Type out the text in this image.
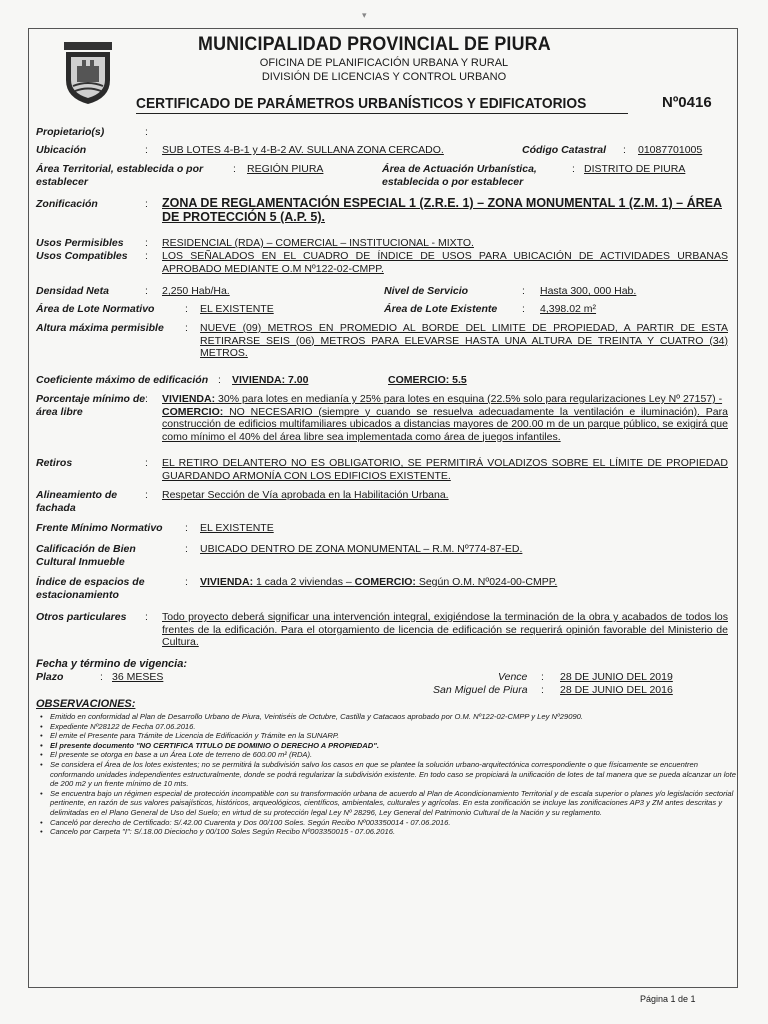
▾
MUNICIPALIDAD PROVINCIAL DE PIURA
OFICINA DE PLANIFICACIÓN URBANA Y RURAL
DIVISIÓN DE LICENCIAS Y CONTROL URBANO
CERTIFICADO DE PARÁMETROS URBANÍSTICOS Y EDIFICATORIOS	Nº0416
Propietario(s)	:
Ubicación	: SUB LOTES 4-B-1 y 4-B-2 AV. SULLANA ZONA CERCADO.	Código Catastral : 01087701005
Área Territorial, establecida o por establecer
: REGIÓN PIURA	Área de Actuación Urbanística, establecida o por establecer
: DISTRITO DE PIURA
Zonificación	: ZONA DE REGLAMENTACIÓN ESPECIAL 1 (Z.R.E. 1) – ZONA MONUMENTAL 1 (Z.M. 1) – ÁREA DE PROTECCIÓN 5 (A.P. 5).
Usos Permisibles : RESIDENCIAL (RDA) – COMERCIAL – INSTITUCIONAL - MIXTO.
Usos Compatibles : LOS SEÑALADOS EN EL CUADRO DE ÍNDICE DE USOS PARA UBICACIÓN DE ACTIVIDADES URBANAS APROBADO MEDIANTE O.M Nº122-02-CMPP.
Densidad Neta	: 2,250 Hab/Ha.	Nivel de Servicio	: Hasta 300, 000 Hab.
Área de Lote Normativo	: EL EXISTENTE	Área de Lote Existente : 4,398.02 m²
Altura máxima permisible : NUEVE (09) METROS EN PROMEDIO AL BORDE DEL LIMITE DE PROPIEDAD, A PARTIR DE ESTA RETIRARSE SEIS (06) METROS PARA ELEVARSE HASTA UNA ALTURA DE TREINTA Y CUATRO (34) METROS.
Coeficiente máximo de edificación : VIVIENDA: 7.00	COMERCIO: 5.5
Porcentaje mínimo de área libre
: VIVIENDA: 30% para lotes en medianía y 25% para lotes en esquina (22.5% solo para regularizaciones Ley Nº 27157) -
COMERCIO: NO NECESARIO (siempre y cuando se resuelva adecuadamente la ventilación e iluminación). Para construcción de edificios multifamiliares ubicados a distancias mayores de 200.00 m de un parque público, se exigirá que como mínimo el 40% del área libre sea implementada como área de juegos infantiles.
Retiros	: EL RETIRO DELANTERO NO ES OBLIGATORIO, SE PERMITIRÁ VOLADIZOS SOBRE EL LÍMITE DE PROPIEDAD GUARDANDO ARMONÍA CON LOS EDIFICIOS EXISTENTE.
Alineamiento de fachada
: Respetar Sección de Vía aprobada en la Habilitación Urbana.
Frente Mínimo Normativo : EL EXISTENTE
Calificación de Bien Cultural Inmueble
: UBICADO DENTRO DE ZONA MONUMENTAL – R.M. Nº774-87-ED.
Índice de espacios de estacionamiento
: VIVIENDA: 1 cada 2 viviendas – COMERCIO: Según O.M. Nº024-00-CMPP.
Otros particulares : Todo proyecto deberá significar una intervención integral, exigiéndose la terminación de la obra y acabados de todos los frentes de la edificación. Para el otorgamiento de licencia de edificación se requerirá opinión favorable del Ministerio de Cultura.
Fecha y término de vigencia:
Plazo	: 36 MESES	Vence : 28 DE JUNIO DEL 2019
San Miguel de Piura : 28 DE JUNIO DEL 2016
OBSERVACIONES:
• Emitido en conformidad al Plan de Desarrollo Urbano de Piura, Veintiséis de Octubre, Castilla y Catacaos aprobado por O.M. Nº122-02-CMPP y Ley Nº29090.
• Expediente Nº28122 de Fecha 07.06.2016.
• El emite el Presente para Trámite de Licencia de Edificación y Trámite en la SUNARP.
• El presente documento "NO CERTIFICA TITULO DE DOMINIO O DERECHO A PROPIEDAD".
• El presente se otorga en base a un Área Lote de terreno de 600.00 m² (RDA).
• Se considera el Área de los lotes existentes; no se permitirá la subdivisión salvo los casos en que se plantee la solución urbano-arquitectónica correspondiente o que físicamente se encuentren conformando unidades independientes estructuralmente, donde se podrá regularizar la subdivisión existente. En todo caso se propiciará la unificación de lotes de tal manera que se pueda alcanzar un lote de 200 m2 y un frente mínimo de 10 mts.
• Se encuentra bajo un régimen especial de protección incompatible con su transformación urbana de acuerdo al Plan de Acondicionamiento Territorial y de escala superior o planes y/o legislación sectorial pertinente, en razón de sus valores paisajísticos, históricos, arqueológicos, científicos, ambientales, culturales y agrícolas. En esta zonificación se incluye las zonificaciones AP3 y ZM antes descritas y delimitadas en el Plano General de Uso del Suelo; en virtud de su protección legal Ley Nº 28296, Ley General del Patrimonio Cultural de la Nación y su reglamento.
• Canceló por derecho de Certificado: S/.42.00 Cuarenta y Dos 00/100 Soles. Según Recibo Nº003350014 - 07.06.2016.
• Cancelo por Carpeta "I": S/.18.00 Dieciocho y 00/100 Soles Según Recibo Nº003350015 - 07.06.2016.
Página 1 de 1
